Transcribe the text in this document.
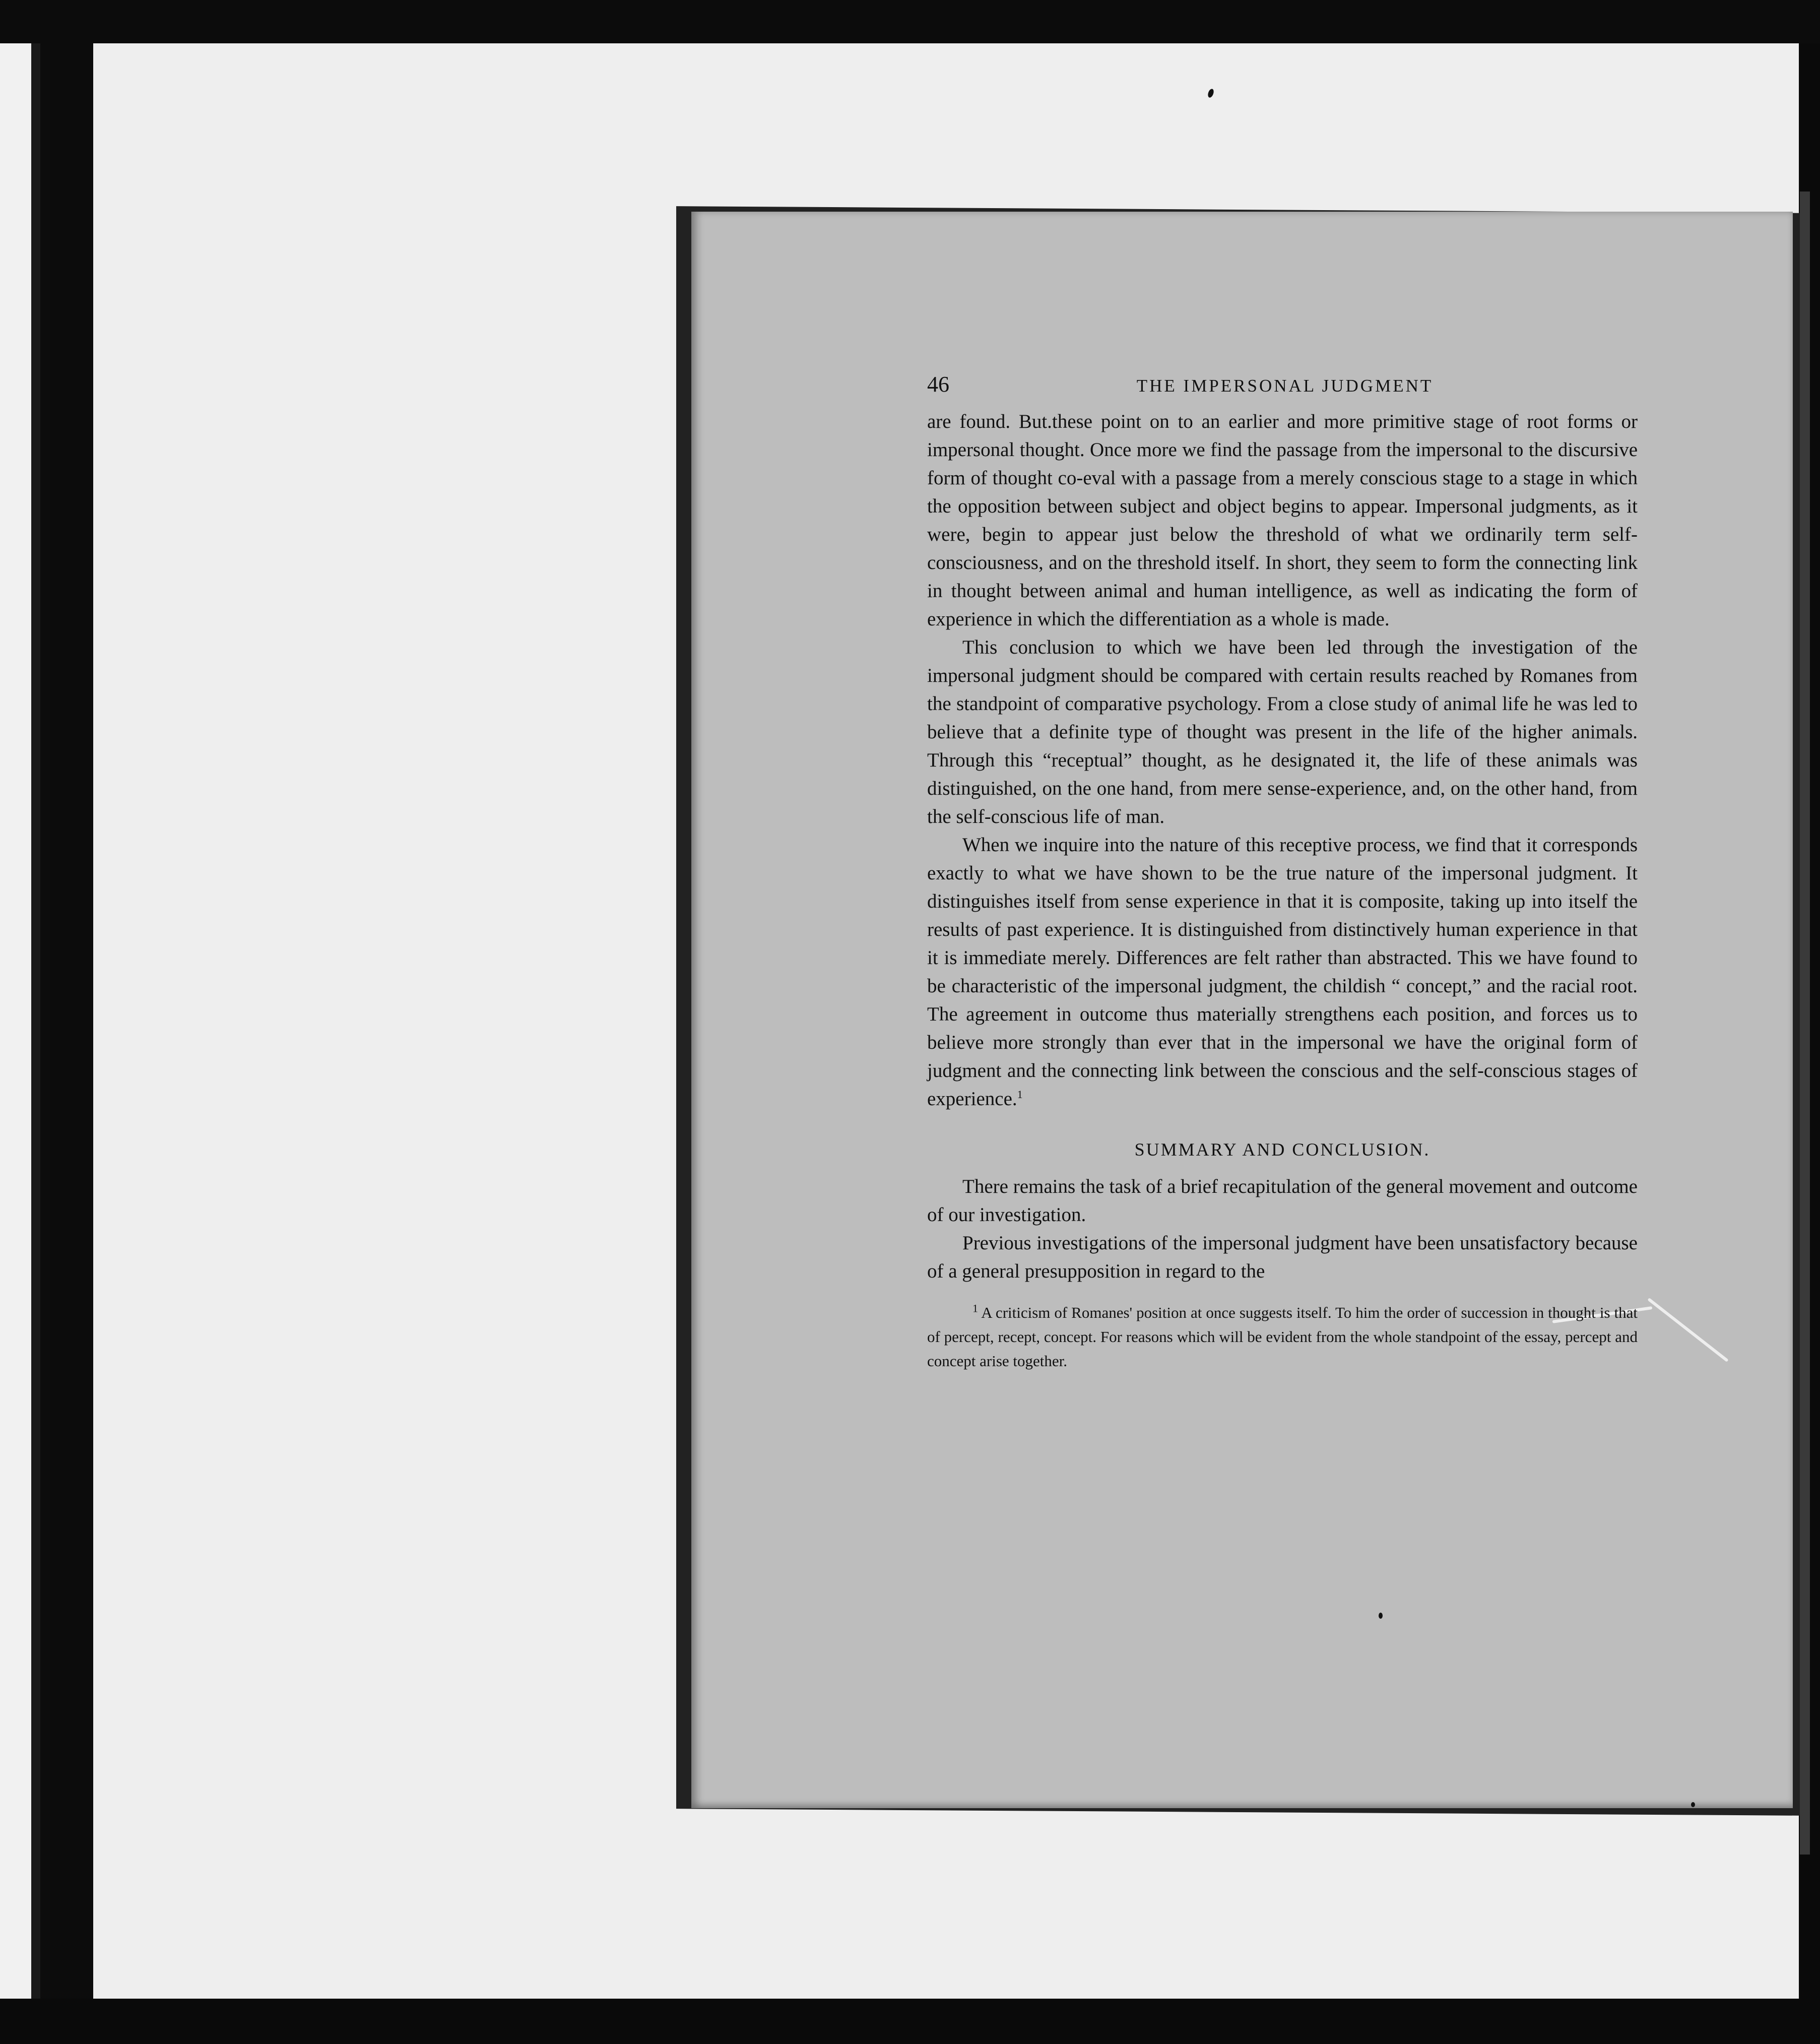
46	THE IMPERSONAL JUDGMENT

are found. But.these point on to an earlier and more primitive stage of root forms or impersonal thought. Once more we find the passage from the impersonal to the discursive form of thought co-eval with a passage from a merely conscious stage to a stage in which the opposition between subject and object begins to appear. Impersonal judgments, as it were, begin to appear just below the threshold of what we ordinarily term self-consciousness, and on the threshold itself. In short, they seem to form the connecting link in thought between animal and human intelligence, as well as indicating the form of experience in which the differentiation as a whole is made.

This conclusion to which we have been led through the investigation of the impersonal judgment should be compared with certain results reached by Romanes from the standpoint of comparative psychology. From a close study of animal life he was led to believe that a definite type of thought was present in the life of the higher animals. Through this “receptual” thought, as he designated it, the life of these animals was distinguished, on the one hand, from mere sense-experience, and, on the other hand, from the self-conscious life of man.

When we inquire into the nature of this receptive process, we find that it corresponds exactly to what we have shown to be the true nature of the impersonal judgment. It distinguishes itself from sense experience in that it is composite, taking up into itself the results of past experience. It is distinguished from distinctively human experience in that it is immediate merely. Differences are felt rather than abstracted. This we have found to be characteristic of the impersonal judgment, the childish “ concept,” and the racial root. The agreement in outcome thus materially strengthens each position, and forces us to believe more strongly than ever that in the impersonal we have the original form of judgment and the connecting link between the conscious and the self-conscious stages of experience.$^1$

SUMMARY AND CONCLUSION.

There remains the task of a brief recapitulation of the general movement and outcome of our investigation.

Previous investigations of the impersonal judgment have been unsatisfactory because of a general presupposition in regard to the

$^1$ A criticism of Romanes' position at once suggests itself. To him the order of succession in thought is that of percept, recept, concept. For reasons which will be evident from the whole standpoint of the essay, percept and concept arise together.
